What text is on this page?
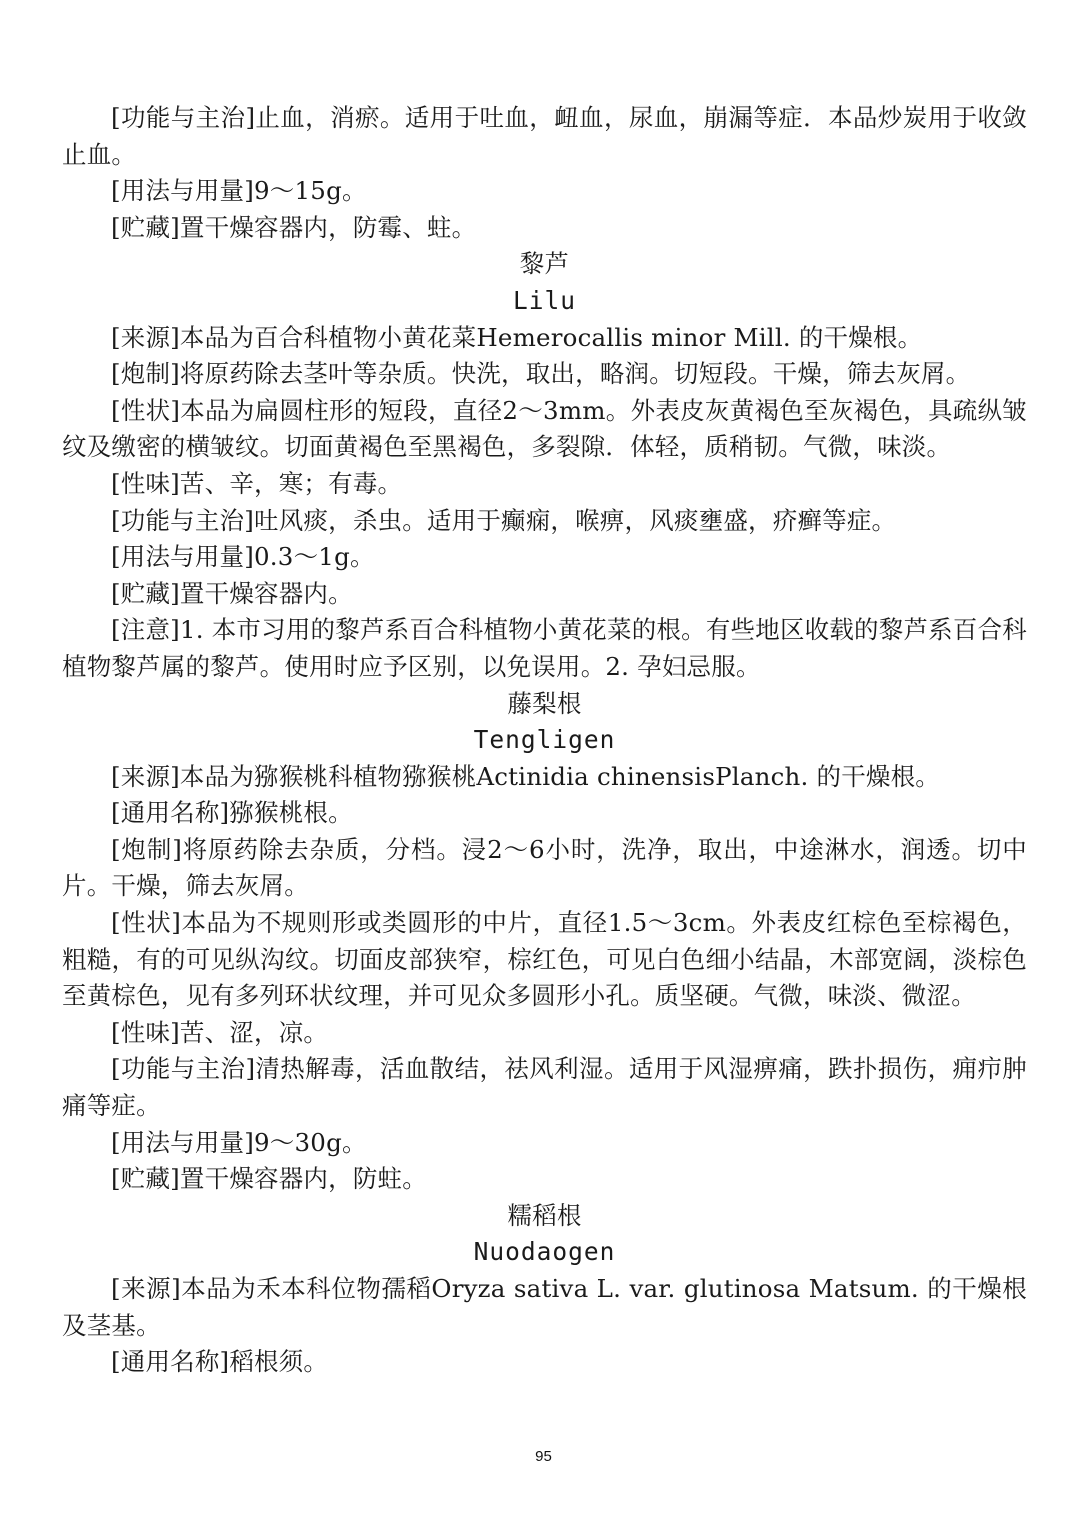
[功能与主治]止血，消瘀。适用于吐血，衄血，尿血，崩漏等症．本品炒炭用于收敛止血。

[用法与用量]9～15g。

[贮藏]置干燥容器内，防霉、蛀。

黎芦

Lilu

[来源]本品为百合科植物小黄花菜Hemerocallis minor Mill. 的干燥根。

[炮制]将原药除去茎叶等杂质。快洗，取出，略润。切短段。干燥，筛去灰屑。

[性状]本品为扁圆柱形的短段，直径2～3mm。外表皮灰黄褐色至灰褐色，具疏纵皱纹及缴密的横皱纹。切面黄褐色至黑褐色，多裂隙．体轻，质稍韧。气微，味淡。

[性味]苦、辛，寒；有毒。

[功能与主治]吐风痰，杀虫。适用于癫痫，喉痹，风痰壅盛，疥癣等症。

[用法与用量]0.3～1g。

[贮藏]置干燥容器内。

[注意]1. 本市习用的黎芦系百合科植物小黄花菜的根。有些地区收载的黎芦系百合科植物黎芦属的黎芦。使用时应予区别，以免误用。2. 孕妇忌服。

藤梨根

Tengligen

[来源]本品为猕猴桃科植物猕猴桃Actinidia chinensisPlanch. 的干燥根。

[通用名称]猕猴桃根。

[炮制]将原药除去杂质，分档。浸2～6小时，洗净，取出，中途淋水，润透。切中片。干燥，筛去灰屑。

[性状]本品为不规则形或类圆形的中片，直径1.5～3cm。外表皮红棕色至棕褐色，粗糙，有的可见纵沟纹。切面皮部狭窄，棕红色，可见白色细小结晶，木部宽阔，淡棕色至黄棕色，见有多列环状纹理，并可见众多圆形小孔。质坚硬。气微，味淡、微涩。

[性味]苦、涩，凉。

[功能与主治]清热解毒，活血散结，祛风利湿。适用于风湿痹痛，跌扑损伤，痈疖肿痛等症。

[用法与用量]9～30g。

[贮藏]置干燥容器内，防蛀。

糯稻根

Nuodaogen

[来源]本品为禾本科位物孺稻Oryza sativa L. var. glutinosa Matsum. 的干燥根及茎基。

[通用名称]稻根须。

95
